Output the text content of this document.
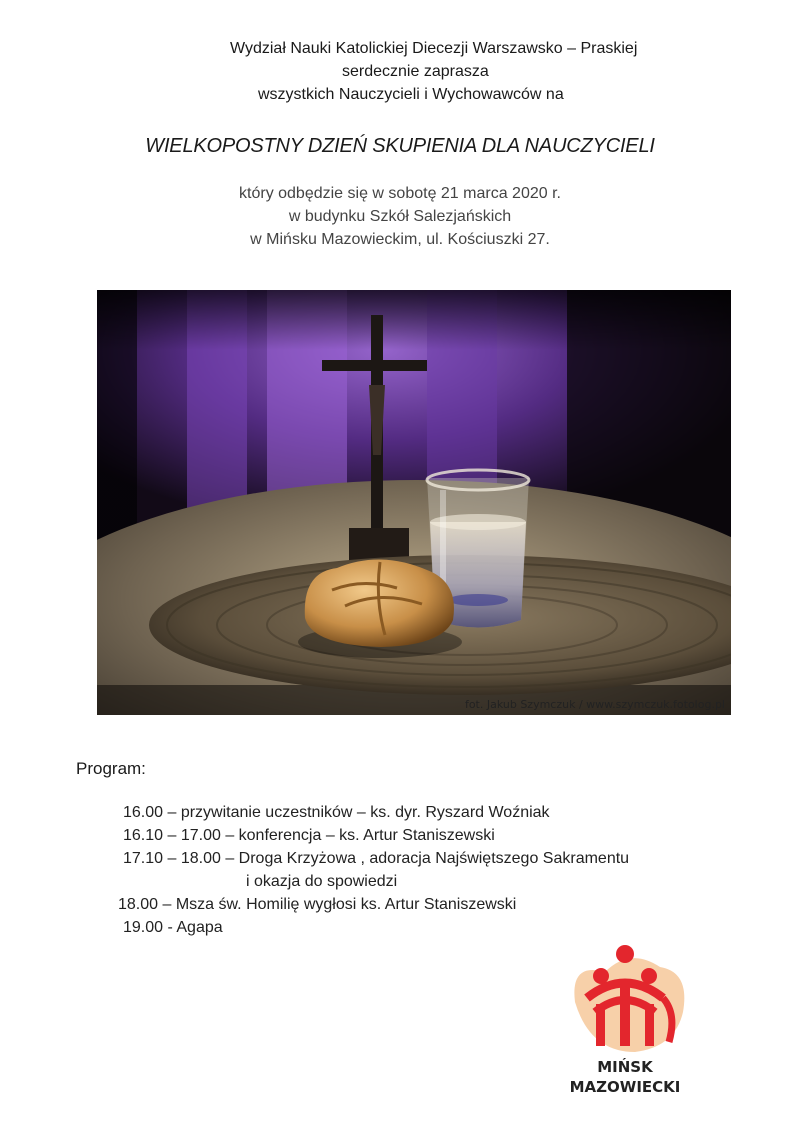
Wydział Nauki Katolickiej Diecezji Warszawsko – Praskiej
serdecznie zaprasza
wszystkich Nauczycieli i Wychowawców na
WIELKOPOSTNY DZIEŃ SKUPIENIA DLA NAUCZYCIELI
który odbędzie się w sobotę 21 marca 2020 r.
w budynku Szkół Salezjańskich
w Mińsku Mazowieckim, ul. Kościuszki 27.
fot. Jakub Szymczuk / www.szymczuk.fotolog.pl
Program:
16.00 – przywitanie uczestników – ks. dyr. Ryszard Woźniak
16.10 – 17.00 – konferencja – ks. Artur Staniszewski
17.10 – 18.00 – Droga Krzyżowa , adoracja Najświętszego Sakramentu
i okazja do spowiedzi
18.00 – Msza św. Homilię wygłosi ks. Artur Staniszewski
19.00 - Agapa
MIŃSK
MAZOWIECKI
